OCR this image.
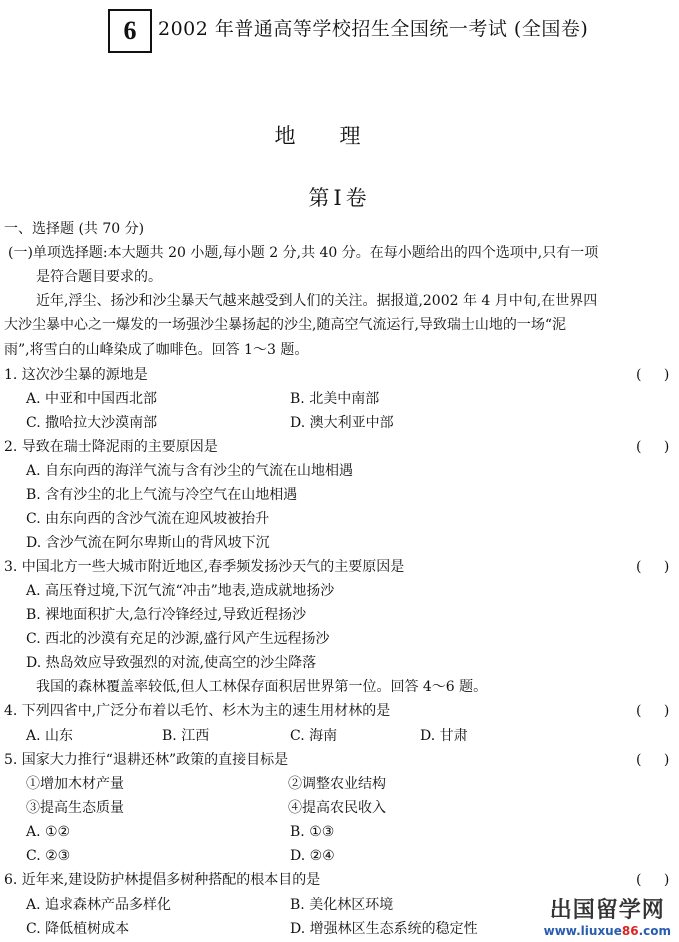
6	2002 年普通高等学校招生全国统一考试 (全国卷)
地理
第Ⅰ卷
一、选择题 (共 70 分)
(一)单项选择题:本大题共 20 小题,每小题 2 分,共 40 分。在每小题给出的四个选项中,只有一项
是符合题目要求的。
近年,浮尘、扬沙和沙尘暴天气越来越受到人们的关注。据报道,2002 年 4 月中旬,在世界四
大沙尘暴中心之一爆发的一场强沙尘暴扬起的沙尘,随高空气流运行,导致瑞士山地的一场“泥
雨”,将雪白的山峰染成了咖啡色。回答 1～3 题。
1. 这次沙尘暴的源地是	( )
A. 中亚和中国西北部	B. 北美中南部
C. 撒哈拉大沙漠南部	D. 澳大利亚中部
2. 导致在瑞士降泥雨的主要原因是	( )
A. 自东向西的海洋气流与含有沙尘的气流在山地相遇
B. 含有沙尘的北上气流与冷空气在山地相遇
C. 由东向西的含沙气流在迎风坡被抬升
D. 含沙气流在阿尔卑斯山的背风坡下沉
3. 中国北方一些大城市附近地区,春季频发扬沙天气的主要原因是	( )
A. 高压脊过境,下沉气流“冲击”地表,造成就地扬沙
B. 裸地面积扩大,急行冷锋经过,导致近程扬沙
C. 西北的沙漠有充足的沙源,盛行风产生远程扬沙
D. 热岛效应导致强烈的对流,使高空的沙尘降落
我国的森林覆盖率较低,但人工林保存面积居世界第一位。回答 4～6 题。
4. 下列四省中,广泛分布着以毛竹、杉木为主的速生用材林的是	( )
A. 山东	B. 江西	C. 海南	D. 甘肃
5. 国家大力推行“退耕还林”政策的直接目标是	( )
①增加木材产量	②调整农业结构
③提高生态质量	④提高农民收入
A. ①②	B. ①③
C. ②③	D. ②④
6. 近年来,建设防护林提倡多树种搭配的根本目的是	( )
A. 追求森林产品多样化	B. 美化林区环境
C. 降低植树成本	D. 增强林区生态系统的稳定性
出国留学网
www.liuxue86.com
